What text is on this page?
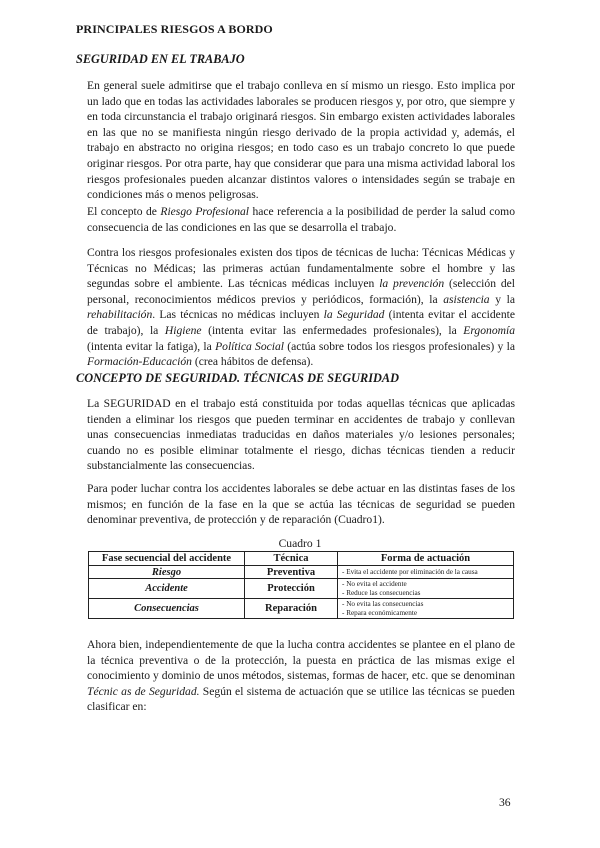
PRINCIPALES RIESGOS A BORDO
SEGURIDAD EN EL TRABAJO

En general suele admitirse que el trabajo conlleva en sí mismo un riesgo. Esto implica por un lado que en todas las actividades laborales se producen riesgos y, por otro, que siempre y en toda circunstancia el trabajo originará riesgos. Sin embargo existen actividades laborales en las que no se manifiesta ningún riesgo derivado de la propia actividad y, además, el trabajo en abstracto no origina riesgos; en todo caso es un trabajo concreto lo que puede originar riesgos. Por otra parte, hay que considerar que para una misma actividad laboral los riesgos profesionales pueden alcanzar distintos valores o intensidades según se trabaje en condiciones más o menos peligrosas.

El concepto de Riesgo Profesional hace referencia a la posibilidad de perder la salud como consecuencia de las condiciones en las que se desarrolla el trabajo.

Contra los riesgos profesionales existen dos tipos de técnicas de lucha: Técnicas Médicas y Técnicas no Médicas; las primeras actúan fundamentalmente sobre el hombre y las segundas sobre el ambiente. Las técnicas médicas incluyen la prevención (selección del personal, reconocimientos médicos previos y periódicos, formación), la asistencia y la rehabilitación. Las técnicas no médicas incluyen la Seguridad (intenta evitar el accidente de trabajo), la Higiene (intenta evitar las enfermedades profesionales), la Ergonomía (intenta evitar la fatiga), la Política Social (actúa sobre todos los riesgos profesionales) y la Formación-Educación (crea hábitos de defensa).

CONCEPTO DE SEGURIDAD. TÉCNICAS DE SEGURIDAD

La SEGURIDAD en el trabajo está constituida por todas aquellas técnicas que aplicadas tienden a eliminar los riesgos que pueden terminar en accidentes de trabajo y conllevan unas consecuencias inmediatas traducidas en daños materiales y/o lesiones personales; cuando no es posible eliminar totalmente el riesgo, dichas técnicas tienden a reducir substancialmente las consecuencias.

Para poder luchar contra los accidentes laborales se debe actuar en las distintas fases de los mismos; en función de la fase en la que se actúa las técnicas de seguridad se pueden denominar preventiva, de protección y de reparación (Cuadro1).

Cuadro 1
Fase secuencial del accidente	Técnica	Forma de actuación
Riesgo	Preventiva	- Evita el accidente por eliminación de la causa

Accidente	Protección	- No evita el accidente
- Reduce las consecuencias

Consecuencias	Reparación	- No evita las consecuencias
- Repara económicamente

Ahora bien, independientemente de que la lucha contra accidentes se plantee en el plano de la técnica preventiva o de la protección, la puesta en práctica de las mismas exige el conocimiento y dominio de unos métodos, sistemas, formas de hacer, etc. que se denominan Técnic as de Seguridad. Según el sistema de actuación que se utilice las técnicas se pueden clasificar en:

36
